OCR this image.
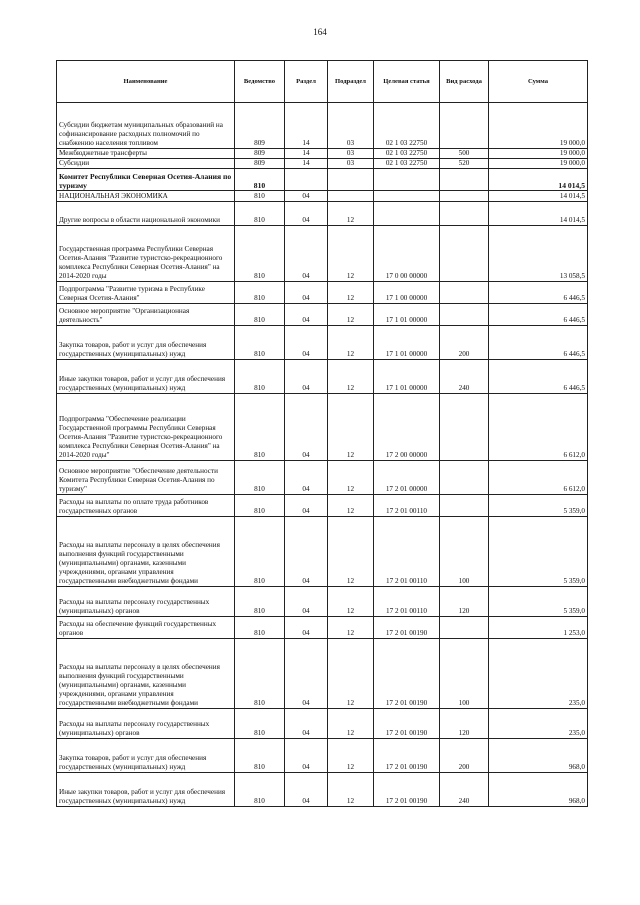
164
Наименование	Ведомство	Раздел	Подраздел	Целевая статья	Вид расхода	Сумма
Субсидии бюджетам муниципальных образований на софинансирование расходных полномочий по снабжению населения топливом	809	14	03	02 1 03 22750		19 000,0
Межбюджетные трансферты	809	14	03	02 1 03 22750	500	19 000,0
Субсидии	809	14	03	02 1 03 22750	520	19 000,0
Комитет Республики Северная Осетия-Алания по туризму	810					14 014,5
НАЦИОНАЛЬНАЯ ЭКОНОМИКА	810	04				14 014,5
Другие вопросы в области национальной экономики	810	04	12			14 014,5
Государственная программа Республики Северная Осетия-Алания "Развитие туристско-рекреационного комплекса Республики Северная Осетия-Алания" на 2014-2020 годы	810	04	12	17 0 00 00000		13 058,5
Подпрограмма "Развитие туризма в Республике Северная Осетия-Алания"	810	04	12	17 1 00 00000		6 446,5
Основное мероприятие "Организационная деятельность"	810	04	12	17 1 01 00000		6 446,5
Закупка товаров, работ и услуг для обеспечения государственных (муниципальных) нужд	810	04	12	17 1 01 00000	200	6 446,5
Иные закупки товаров, работ и услуг для обеспечения государственных (муниципальных) нужд	810	04	12	17 1 01 00000	240	6 446,5
Подпрограмма "Обеспечение реализации Государственной программы Республики Северная Осетия-Алания "Развитие туристско-рекреационного комплекса Республики Северная Осетия-Алания" на 2014-2020 годы"	810	04	12	17 2 00 00000		6 612,0
Основное мероприятие "Обеспечение деятельности Комитета Республики Северная Осетия-Алания по туризму"	810	04	12	17 2 01 00000		6 612,0
Расходы на выплаты по оплате труда работников государственных органов	810	04	12	17 2 01 00110		5 359,0
Расходы на выплаты персоналу в целях обеспечения выполнения функций государственными (муниципальными) органами, казенными учреждениями, органами управления государственными внебюджетными фондами	810	04	12	17 2 01 00110	100	5 359,0
Расходы на выплаты персоналу государственных (муниципальных) органов	810	04	12	17 2 01 00110	120	5 359,0
Расходы на обеспечение функций государственных органов	810	04	12	17 2 01 00190		1 253,0
Расходы на выплаты персоналу в целях обеспечения выполнения функций государственными (муниципальными) органами, казенными учреждениями, органами управления государственными внебюджетными фондами	810	04	12	17 2 01 00190	100	235,0
Расходы на выплаты персоналу государственных (муниципальных) органов	810	04	12	17 2 01 00190	120	235,0
Закупка товаров, работ и услуг для обеспечения государственных (муниципальных) нужд	810	04	12	17 2 01 00190	200	968,0
Иные закупки товаров, работ и услуг для обеспечения государственных (муниципальных) нужд	810	04	12	17 2 01 00190	240	968,0
